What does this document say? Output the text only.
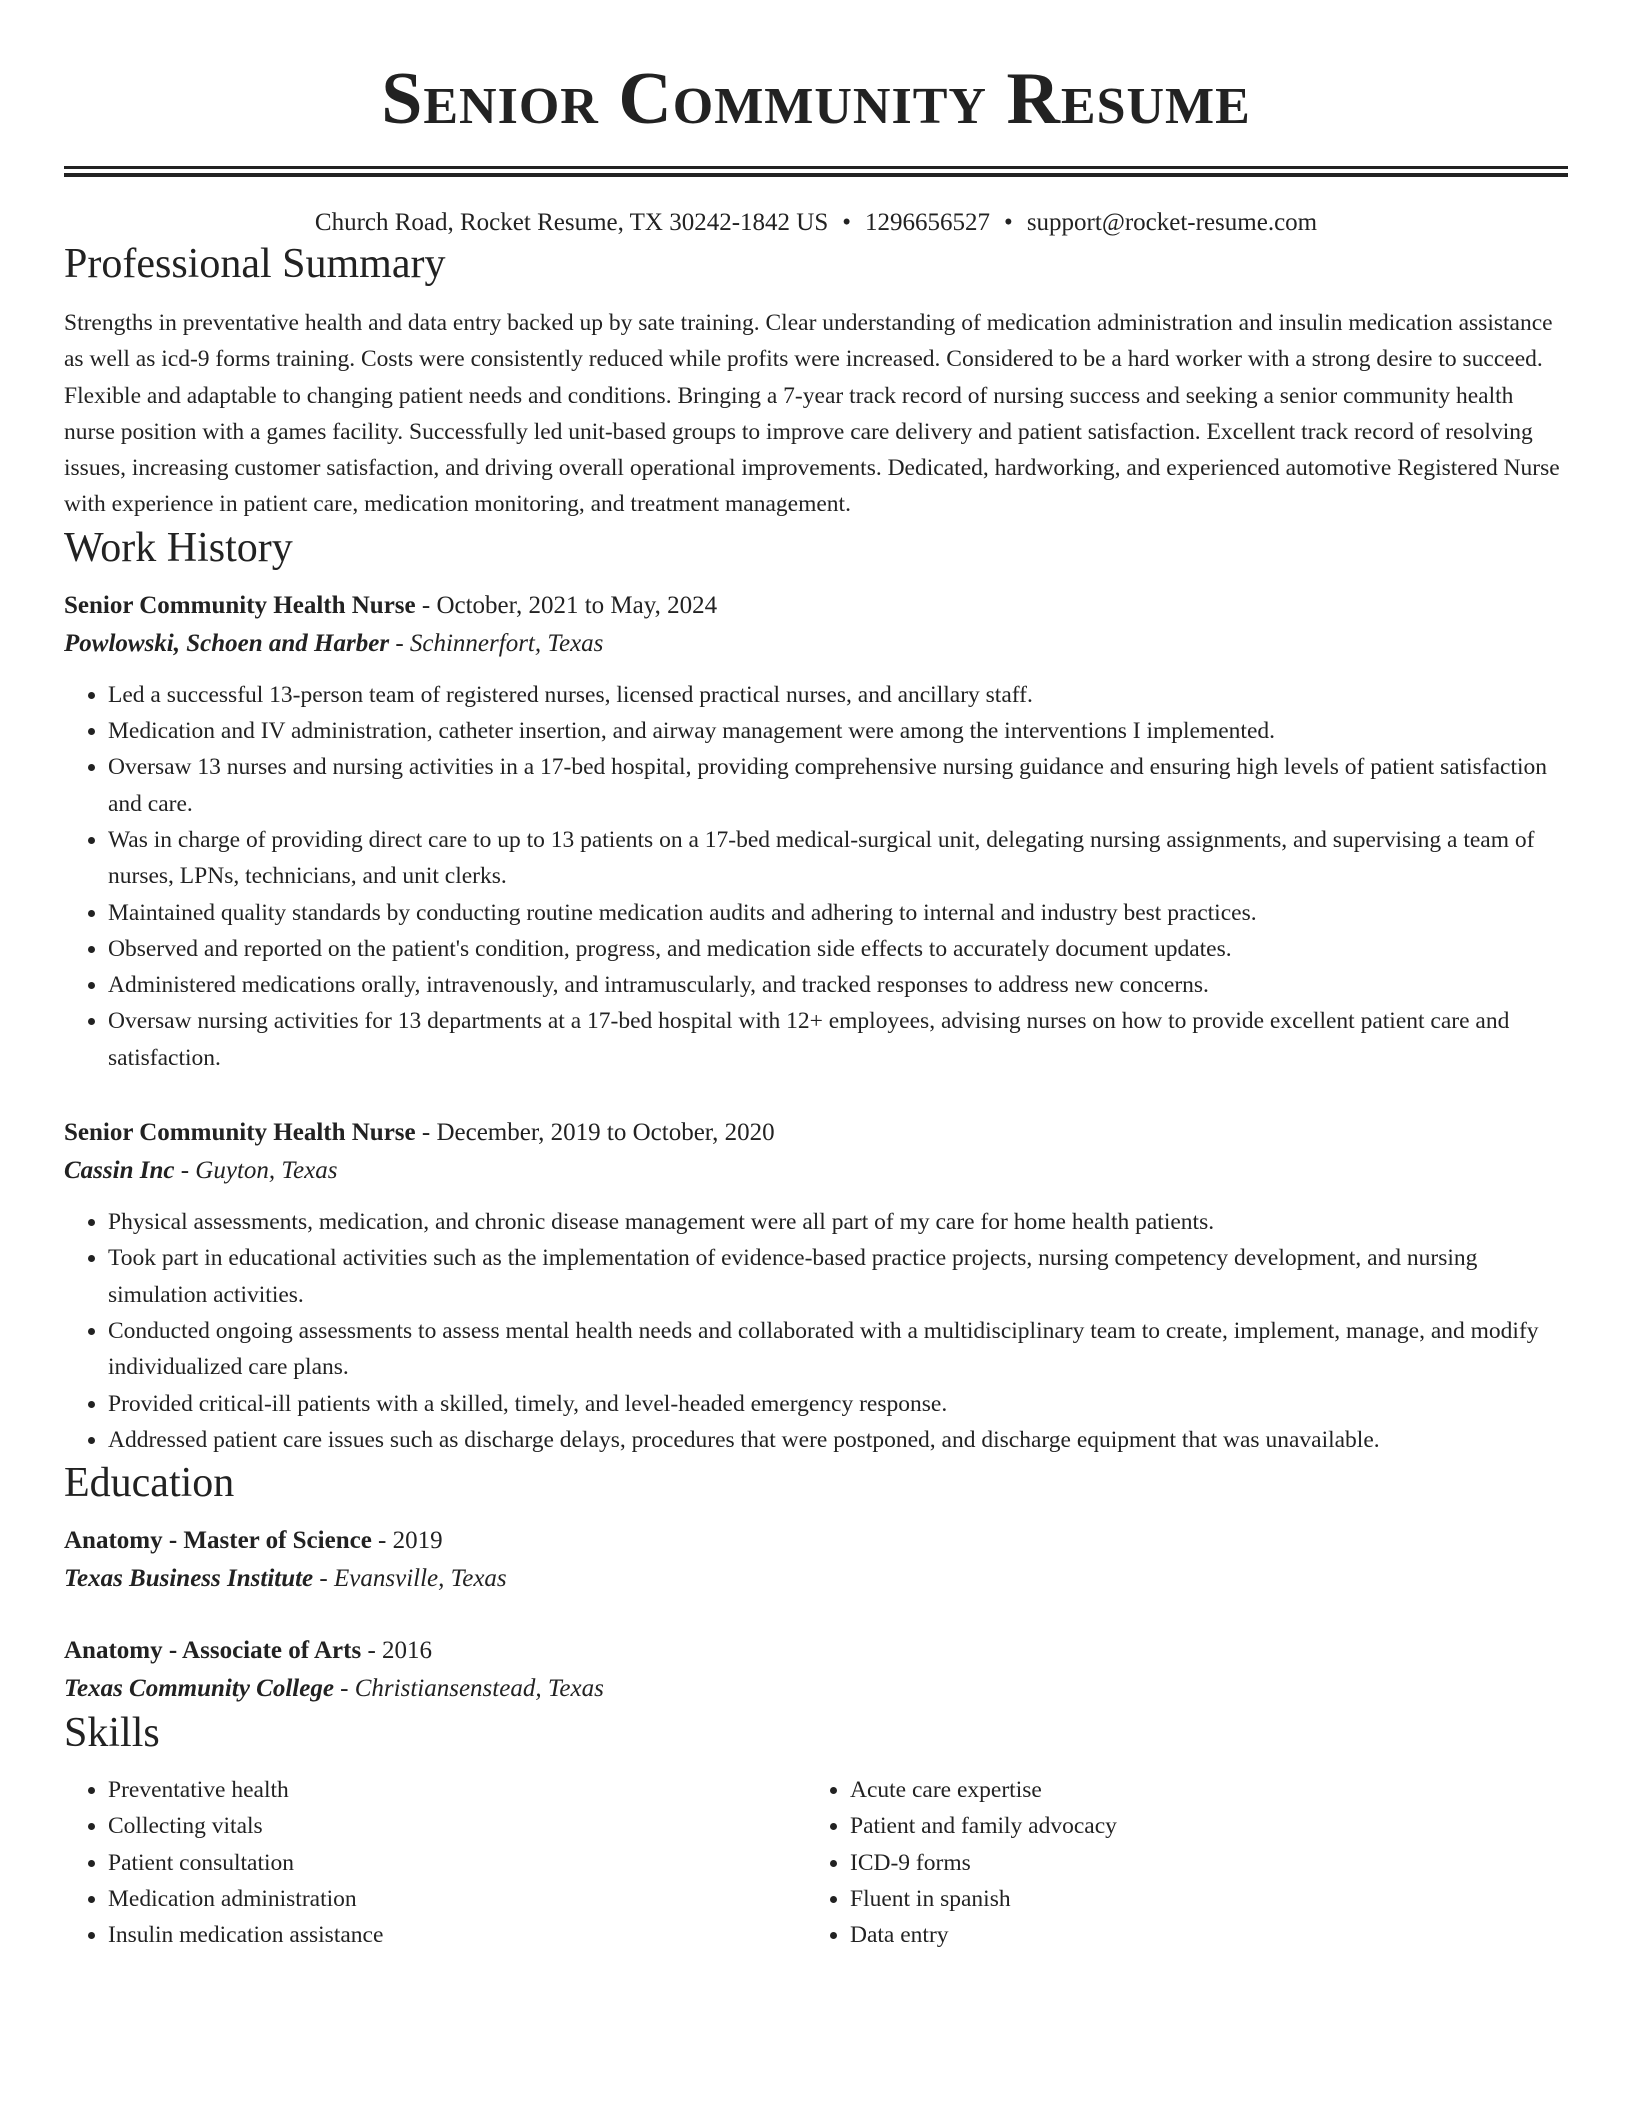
Senior Community Resume
Church Road, Rocket Resume, TX 30242-1842 US • 1296656527 • support@rocket-resume.com
Professional Summary

Strengths in preventative health and data entry backed up by sate training. Clear understanding of medication administration and insulin medication assistance as well as icd-9 forms training. Costs were consistently reduced while profits were increased. Considered to be a hard worker with a strong desire to succeed. Flexible and adaptable to changing patient needs and conditions. Bringing a 7-year track record of nursing success and seeking a senior community health nurse position with a games facility. Successfully led unit-based groups to improve care delivery and patient satisfaction. Excellent track record of resolving issues, increasing customer satisfaction, and driving overall operational improvements. Dedicated, hardworking, and experienced automotive Registered Nurse with experience in patient care, medication monitoring, and treatment management.

Work History
Senior Community Health Nurse - October, 2021 to May, 2024
Powlowski, Schoen and Harber - Schinnerfort, Texas
• Led a successful 13-person team of registered nurses, licensed practical nurses, and ancillary staff.
• Medication and IV administration, catheter insertion, and airway management were among the interventions I implemented.
• Oversaw 13 nurses and nursing activities in a 17-bed hospital, providing comprehensive nursing guidance and ensuring high levels of patient satisfaction and care.
• Was in charge of providing direct care to up to 13 patients on a 17-bed medical-surgical unit, delegating nursing assignments, and supervising a team of nurses, LPNs, technicians, and unit clerks.
• Maintained quality standards by conducting routine medication audits and adhering to internal and industry best practices.
• Observed and reported on the patient's condition, progress, and medication side effects to accurately document updates.
• Administered medications orally, intravenously, and intramuscularly, and tracked responses to address new concerns.
• Oversaw nursing activities for 13 departments at a 17-bed hospital with 12+ employees, advising nurses on how to provide excellent patient care and satisfaction.
Senior Community Health Nurse - December, 2019 to October, 2020
Cassin Inc - Guyton, Texas
• Physical assessments, medication, and chronic disease management were all part of my care for home health patients.
• Took part in educational activities such as the implementation of evidence-based practice projects, nursing competency development, and nursing simulation activities.
• Conducted ongoing assessments to assess mental health needs and collaborated with a multidisciplinary team to create, implement, manage, and modify individualized care plans.
• Provided critical-ill patients with a skilled, timely, and level-headed emergency response.
• Addressed patient care issues such as discharge delays, procedures that were postponed, and discharge equipment that was unavailable.
Education
Anatomy - Master of Science - 2019
Texas Business Institute - Evansville, Texas
Anatomy - Associate of Arts - 2016
Texas Community College - Christiansenstead, Texas
Skills
• Preventative health
• Collecting vitals
• Patient consultation
• Medication administration
• Insulin medication assistance
• Acute care expertise
• Patient and family advocacy
• ICD-9 forms
• Fluent in spanish
• Data entry
